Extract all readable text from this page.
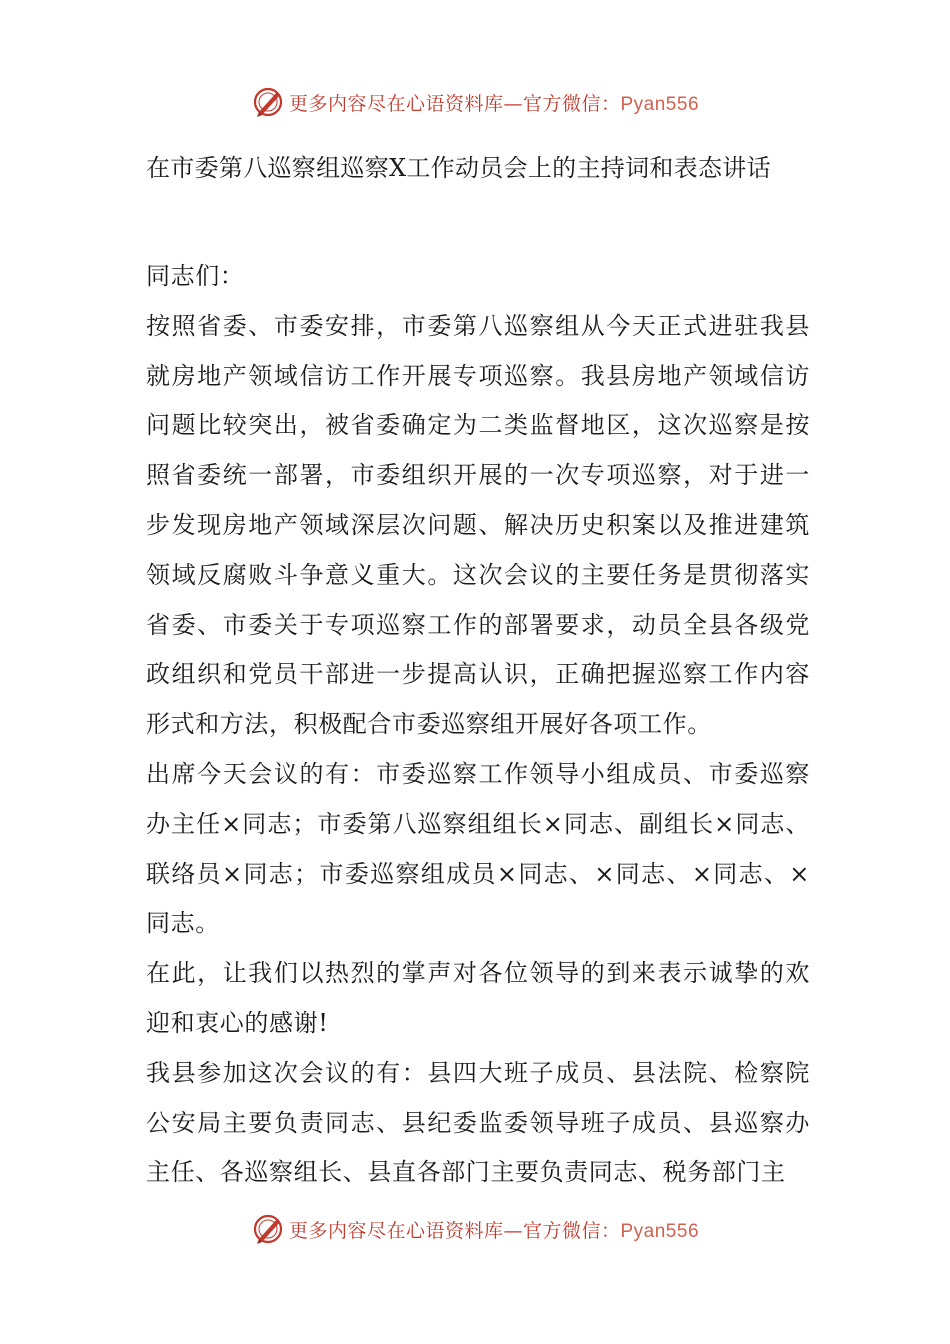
更多内容尽在心语资料库—官方微信：Pyan556
在市委第八巡察组巡察X工作动员会上的主持词和表态讲话

同志们：

按照省委、市委安排，市委第八巡察组从今天正式进驻我县就房地产领域信访工作开展专项巡察。我县房地产领域信访问题比较突出，被省委确定为二类监督地区，这次巡察是按照省委统一部署，市委组织开展的一次专项巡察，对于进一步发现房地产领域深层次问题、解决历史积案以及推进建筑领域反腐败斗争意义重大。这次会议的主要任务是贯彻落实省委、市委关于专项巡察工作的部署要求，动员全县各级党政组织和党员干部进一步提高认识，正确把握巡察工作内容形式和方法，积极配合市委巡察组开展好各项工作。

出席今天会议的有：市委巡察工作领导小组成员、市委巡察办主任×同志；市委第八巡察组组长×同志、副组长×同志、联络员×同志；市委巡察组成员×同志、×同志、×同志、×同志。

在此，让我们以热烈的掌声对各位领导的到来表示诚挚的欢迎和衷心的感谢!

我县参加这次会议的有：县四大班子成员、县法院、检察院公安局主要负责同志、县纪委监委领导班子成员、县巡察办主任、各巡察组长、县直各部门主要负责同志、税务部门主

更多内容尽在心语资料库—官方微信：Pyan556
